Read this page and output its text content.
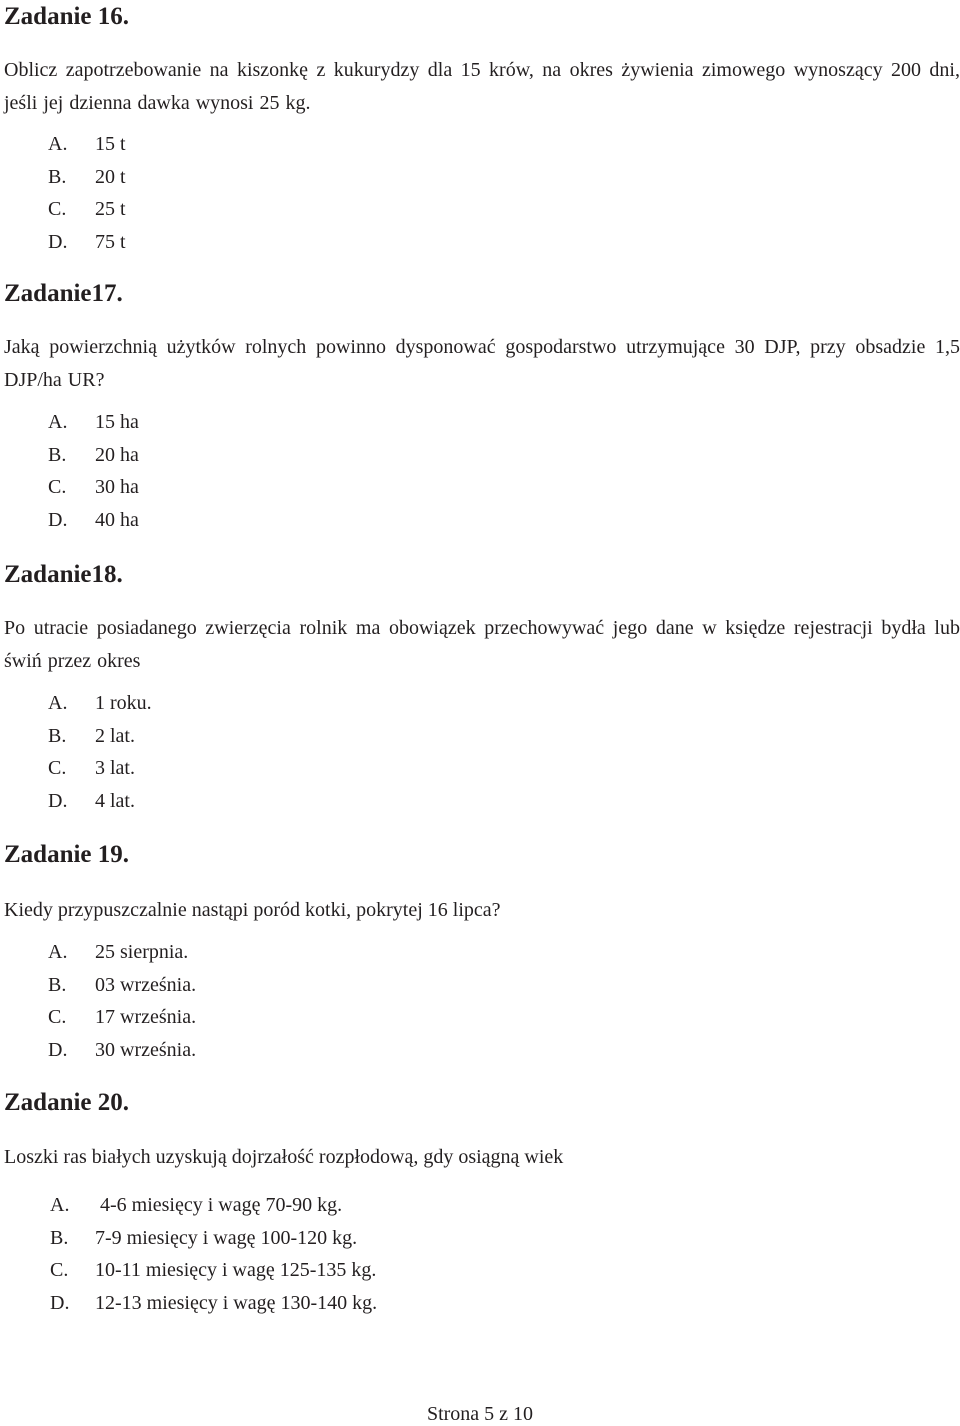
Zadanie 16.

Oblicz zapotrzebowanie na kiszonkę z kukurydzy dla 15 krów, na okres żywienia zimowego wynoszący 200 dni, jeśli jej dzienna dawka wynosi 25 kg.

A. 15 t
B. 20 t
C. 25 t
D. 75 t
Zadanie17.

Jaką powierzchnią użytków rolnych powinno dysponować gospodarstwo utrzymujące 30 DJP, przy obsadzie 1,5 DJP/ha UR?

A. 15 ha
B. 20 ha
C. 30 ha
D. 40 ha
Zadanie18.

Po utracie posiadanego zwierzęcia rolnik ma obowiązek przechowywać jego dane w księdze rejestracji bydła lub świń przez okres

A. 1 roku.
B. 2 lat.
C. 3 lat.
D. 4 lat.
Zadanie 19.

Kiedy przypuszczalnie nastąpi poród kotki, pokrytej 16 lipca?

A. 25 sierpnia.
B. 03 września.
C. 17 września.
D. 30 września.
Zadanie 20.

Loszki ras białych uzyskują dojrzałość rozpłodową, gdy osiągną wiek

A. 4-6 miesięcy i wagę 70-90 kg.
B. 7-9 miesięcy i wagę 100-120 kg.
C. 10-11 miesięcy i wagę 125-135 kg.
D. 12-13 miesięcy i wagę 130-140 kg.
Strona 5 z 10
